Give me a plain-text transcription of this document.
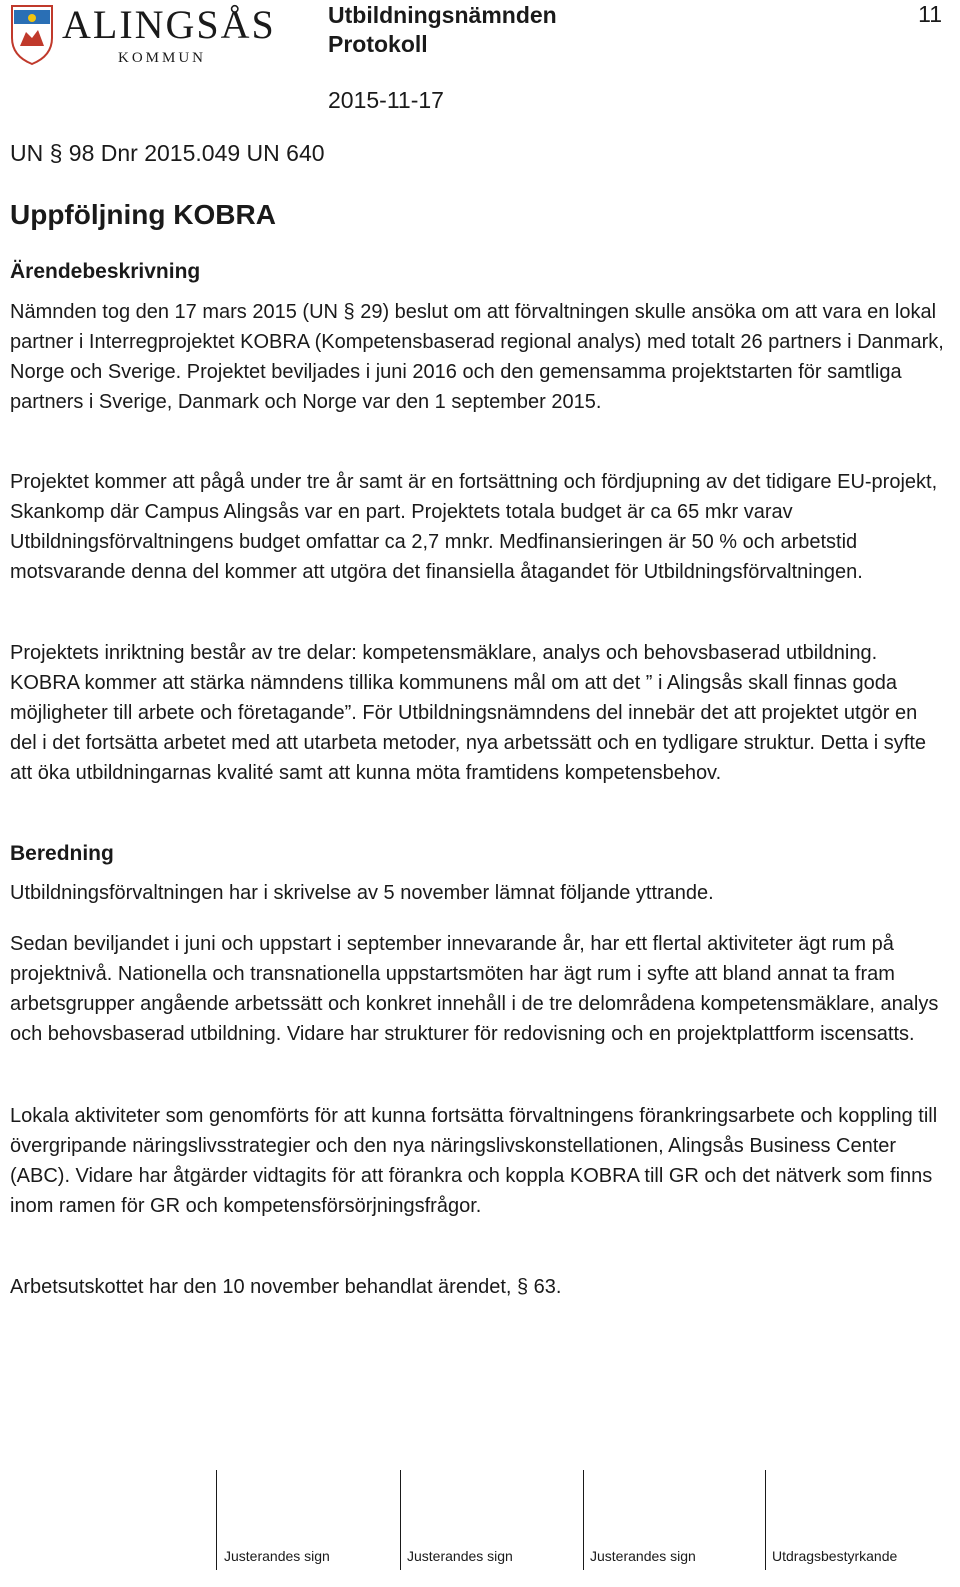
ALINGSÅS
KOMMUN
Utbildningsnämnden
Protokoll
2015-11-17
11
UN § 98 Dnr 2015.049 UN 640
Uppföljning KOBRA
Ärendebeskrivning

Nämnden tog den 17 mars 2015 (UN § 29) beslut om att förvaltningen skulle ansöka om att vara en lokal partner i Interregprojektet KOBRA (Kompetensbaserad regional analys) med totalt 26 partners i Danmark, Norge och Sverige. Projektet beviljades i juni 2016 och den gemensamma projektstarten för samtliga partners i Sverige, Danmark och Norge var den 1 september 2015.

Projektet kommer att pågå under tre år samt är en fortsättning och fördjupning av det tidigare EU-projekt, Skankomp där Campus Alingsås var en part. Projektets totala budget är ca 65 mkr varav Utbildningsförvaltningens budget omfattar ca 2,7 mnkr. Medfinansieringen är 50 % och arbetstid motsvarande denna del kommer att utgöra det finansiella åtagandet för Utbildningsförvaltningen.

Projektets inriktning består av tre delar: kompetensmäklare, analys och behovsbaserad utbildning. KOBRA kommer att stärka nämndens tillika kommunens mål om att det ” i Alingsås skall finnas goda möjligheter till arbete och företagande”. För Utbildningsnämndens del innebär det att projektet utgör en del i det fortsätta arbetet med att utarbeta metoder, nya arbetssätt och en tydligare struktur. Detta i syfte att öka utbildningarnas kvalité samt att kunna möta framtidens kompetensbehov.

Beredning

Utbildningsförvaltningen har i skrivelse av 5 november lämnat följande yttrande.

Sedan beviljandet i juni och uppstart i september innevarande år, har ett flertal aktiviteter ägt rum på projektnivå. Nationella och transnationella uppstartsmöten har ägt rum i syfte att bland annat ta fram arbetsgrupper angående arbetssätt och konkret innehåll i de tre delområdena kompetensmäklare, analys och behovsbaserad utbildning. Vidare har strukturer för redovisning och en projektplattform iscensatts.

Lokala aktiviteter som genomförts för att kunna fortsätta förvaltningens förankringsarbete och koppling till övergripande näringslivsstrategier och den nya näringslivskonstellationen, Alingsås Business Center (ABC). Vidare har åtgärder vidtagits för att förankra och koppla KOBRA till GR och det nätverk som finns inom ramen för GR och kompetensförsörjningsfrågor.

Arbetsutskottet har den 10 november behandlat ärendet, § 63.

Justerandes sign	Justerandes sign	Justerandes sign	Utdragsbestyrkande
